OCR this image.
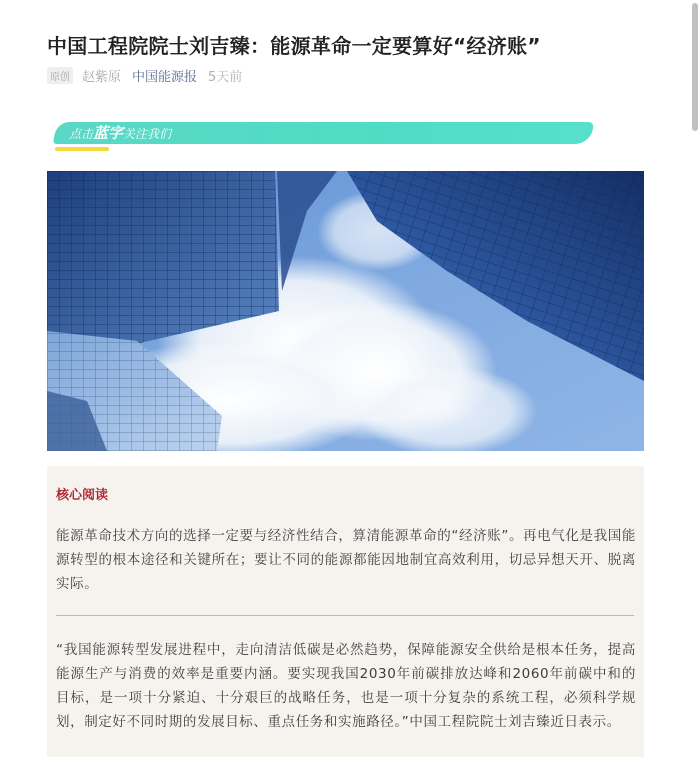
中国工程院院士刘吉臻：能源革命一定要算好“经济账”
原创 赵紫原 中国能源报 5天前
点击蓝字关注我们
核心阅读
能源革命技术方向的选择一定要与经济性结合，算清能源革命的“经济账”。再电气化是我国能源转型的根本途径和关键所在；要让不同的能源都能因地制宜高效利用，切忌异想天开、脱离实际。
“我国能源转型发展进程中，走向清洁低碳是必然趋势，保障能源安全供给是根本任务，提高能源生产与消费的效率是重要内涵。要实现我国2030年前碳排放达峰和2060年前碳中和的目标，是一项十分紧迫、十分艰巨的战略任务，也是一项十分复杂的系统工程，必须科学规划，制定好不同时期的发展目标、重点任务和实施路径。”中国工程院院士刘吉臻近日表示。
